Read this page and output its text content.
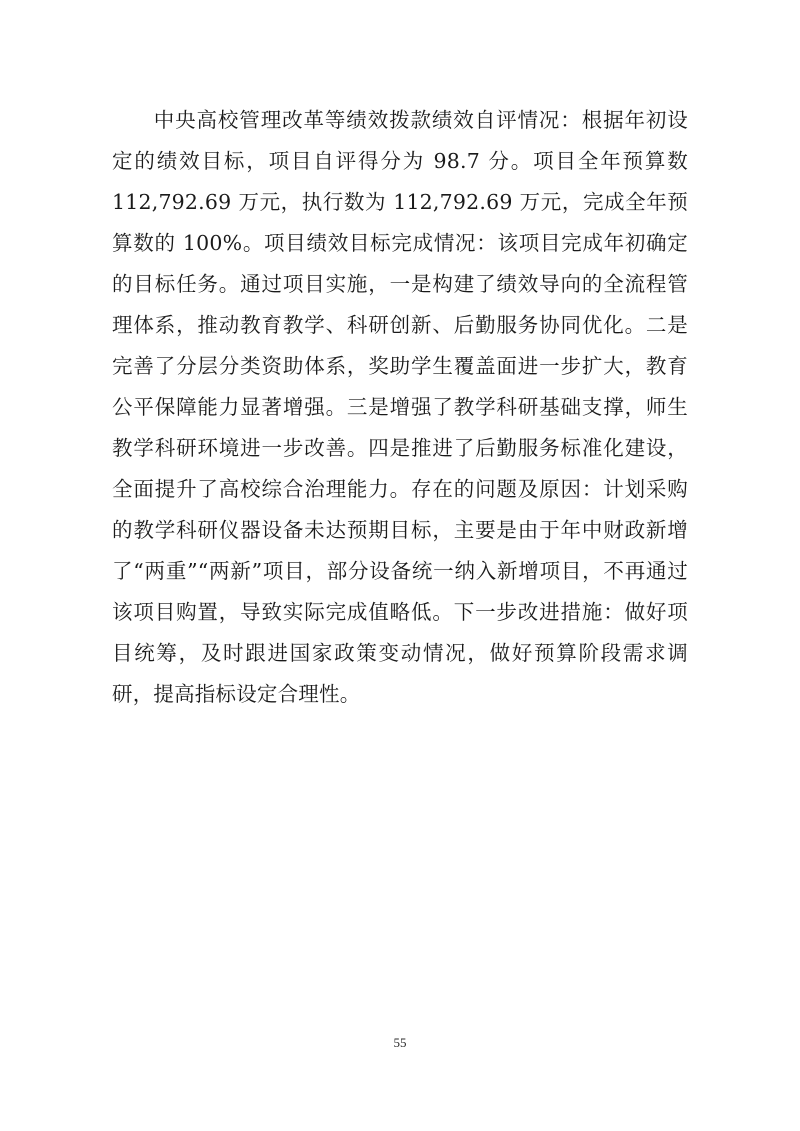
中央高校管理改革等绩效拨款绩效自评情况：根据年初设定的绩效目标，项目自评得分为 98.7 分。项目全年预算数 112,792.69 万元，执行数为 112,792.69 万元，完成全年预算数的 100%。项目绩效目标完成情况：该项目完成年初确定的目标任务。通过项目实施，一是构建了绩效导向的全流程管理体系，推动教育教学、科研创新、后勤服务协同优化。二是完善了分层分类资助体系，奖助学生覆盖面进一步扩大，教育公平保障能力显著增强。三是增强了教学科研基础支撑，师生教学科研环境进一步改善。四是推进了后勤服务标准化建设，全面提升了高校综合治理能力。存在的问题及原因：计划采购的教学科研仪器设备未达预期目标，主要是由于年中财政新增了“两重”“两新”项目，部分设备统一纳入新增项目，不再通过该项目购置，导致实际完成值略低。下一步改进措施：做好项目统筹，及时跟进国家政策变动情况，做好预算阶段需求调研，提高指标设定合理性。

55
